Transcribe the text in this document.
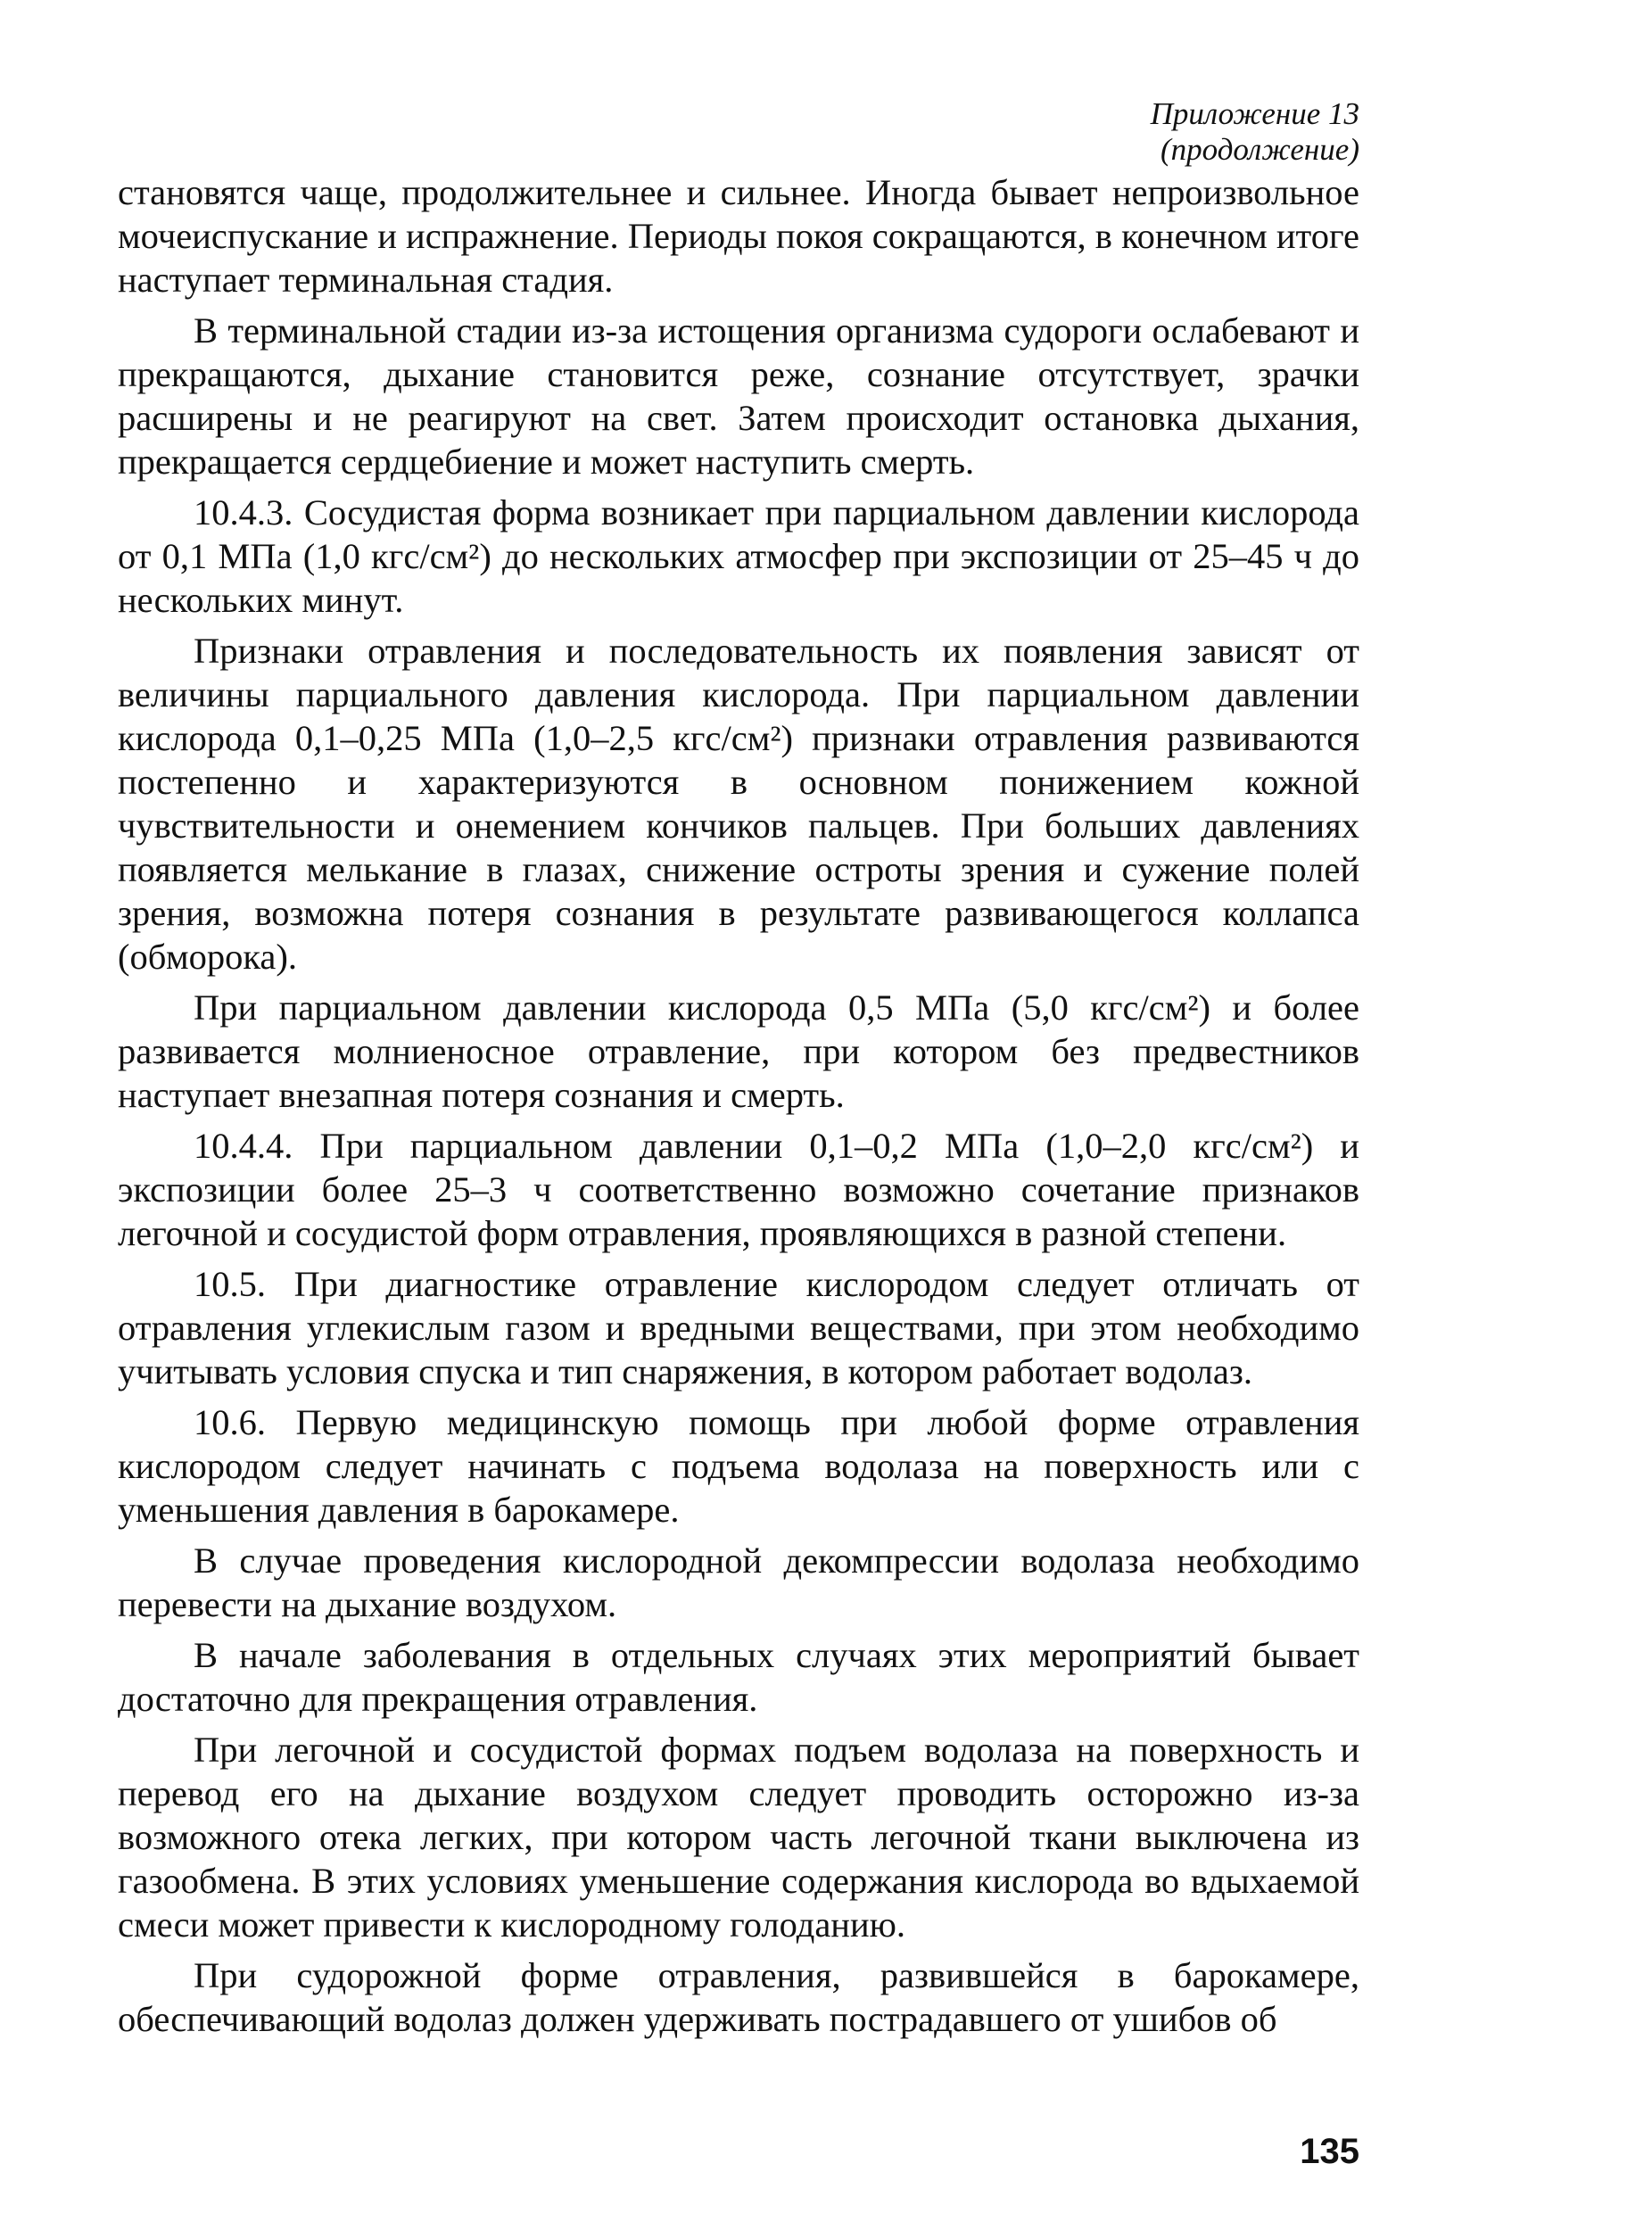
Приложение 13
(продолжение)

становятся чаще, продолжительнее и сильнее. Иногда бывает непроизвольное мочеиспускание и испражнение. Периоды покоя сокращаются, в конечном итоге наступает терминальная стадия.

В терминальной стадии из-за истощения организма судороги ослабевают и прекращаются, дыхание становится реже, сознание отсутствует, зрачки расширены и не реагируют на свет. Затем происходит остановка дыхания, прекращается сердцебиение и может наступить смерть.

10.4.3. Сосудистая форма возникает при парциальном давлении кислорода от 0,1 МПа (1,0 кгс/см²) до нескольких атмосфер при экспозиции от 25–45 ч до нескольких минут.

Признаки отравления и последовательность их появления зависят от величины парциального давления кислорода. При парциальном давлении кислорода 0,1–0,25 МПа (1,0–2,5 кгс/см²) признаки отравления развиваются постепенно и характеризуются в основном понижением кожной чувствительности и онемением кончиков пальцев. При больших давлениях появляется мелькание в глазах, снижение остроты зрения и сужение полей зрения, возможна потеря сознания в результате развивающегося коллапса (обморока).

При парциальном давлении кислорода 0,5 МПа (5,0 кгс/см²) и более развивается молниеносное отравление, при котором без предвестников наступает внезапная потеря сознания и смерть.

10.4.4. При парциальном давлении 0,1–0,2 МПа (1,0–2,0 кгс/см²) и экспозиции более 25–3 ч соответственно возможно сочетание признаков легочной и сосудистой форм отравления, проявляющихся в разной степени.

10.5. При диагностике отравление кислородом следует отличать от отравления углекислым газом и вредными веществами, при этом необходимо учитывать условия спуска и тип снаряжения, в котором работает водолаз.

10.6. Первую медицинскую помощь при любой форме отравления кислородом следует начинать с подъема водолаза на поверхность или с уменьшения давления в барокамере.

В случае проведения кислородной декомпрессии водолаза необходимо перевести на дыхание воздухом.

В начале заболевания в отдельных случаях этих мероприятий бывает достаточно для прекращения отравления.

При легочной и сосудистой формах подъем водолаза на поверхность и перевод его на дыхание воздухом следует проводить осторожно из-за возможного отека легких, при котором часть легочной ткани выключена из газообмена. В этих условиях уменьшение содержания кислорода во вдыхаемой смеси может привести к кислородному голоданию.

При судорожной форме отравления, развившейся в барокамере, обеспечивающий водолаз должен удерживать пострадавшего от ушибов об

135
